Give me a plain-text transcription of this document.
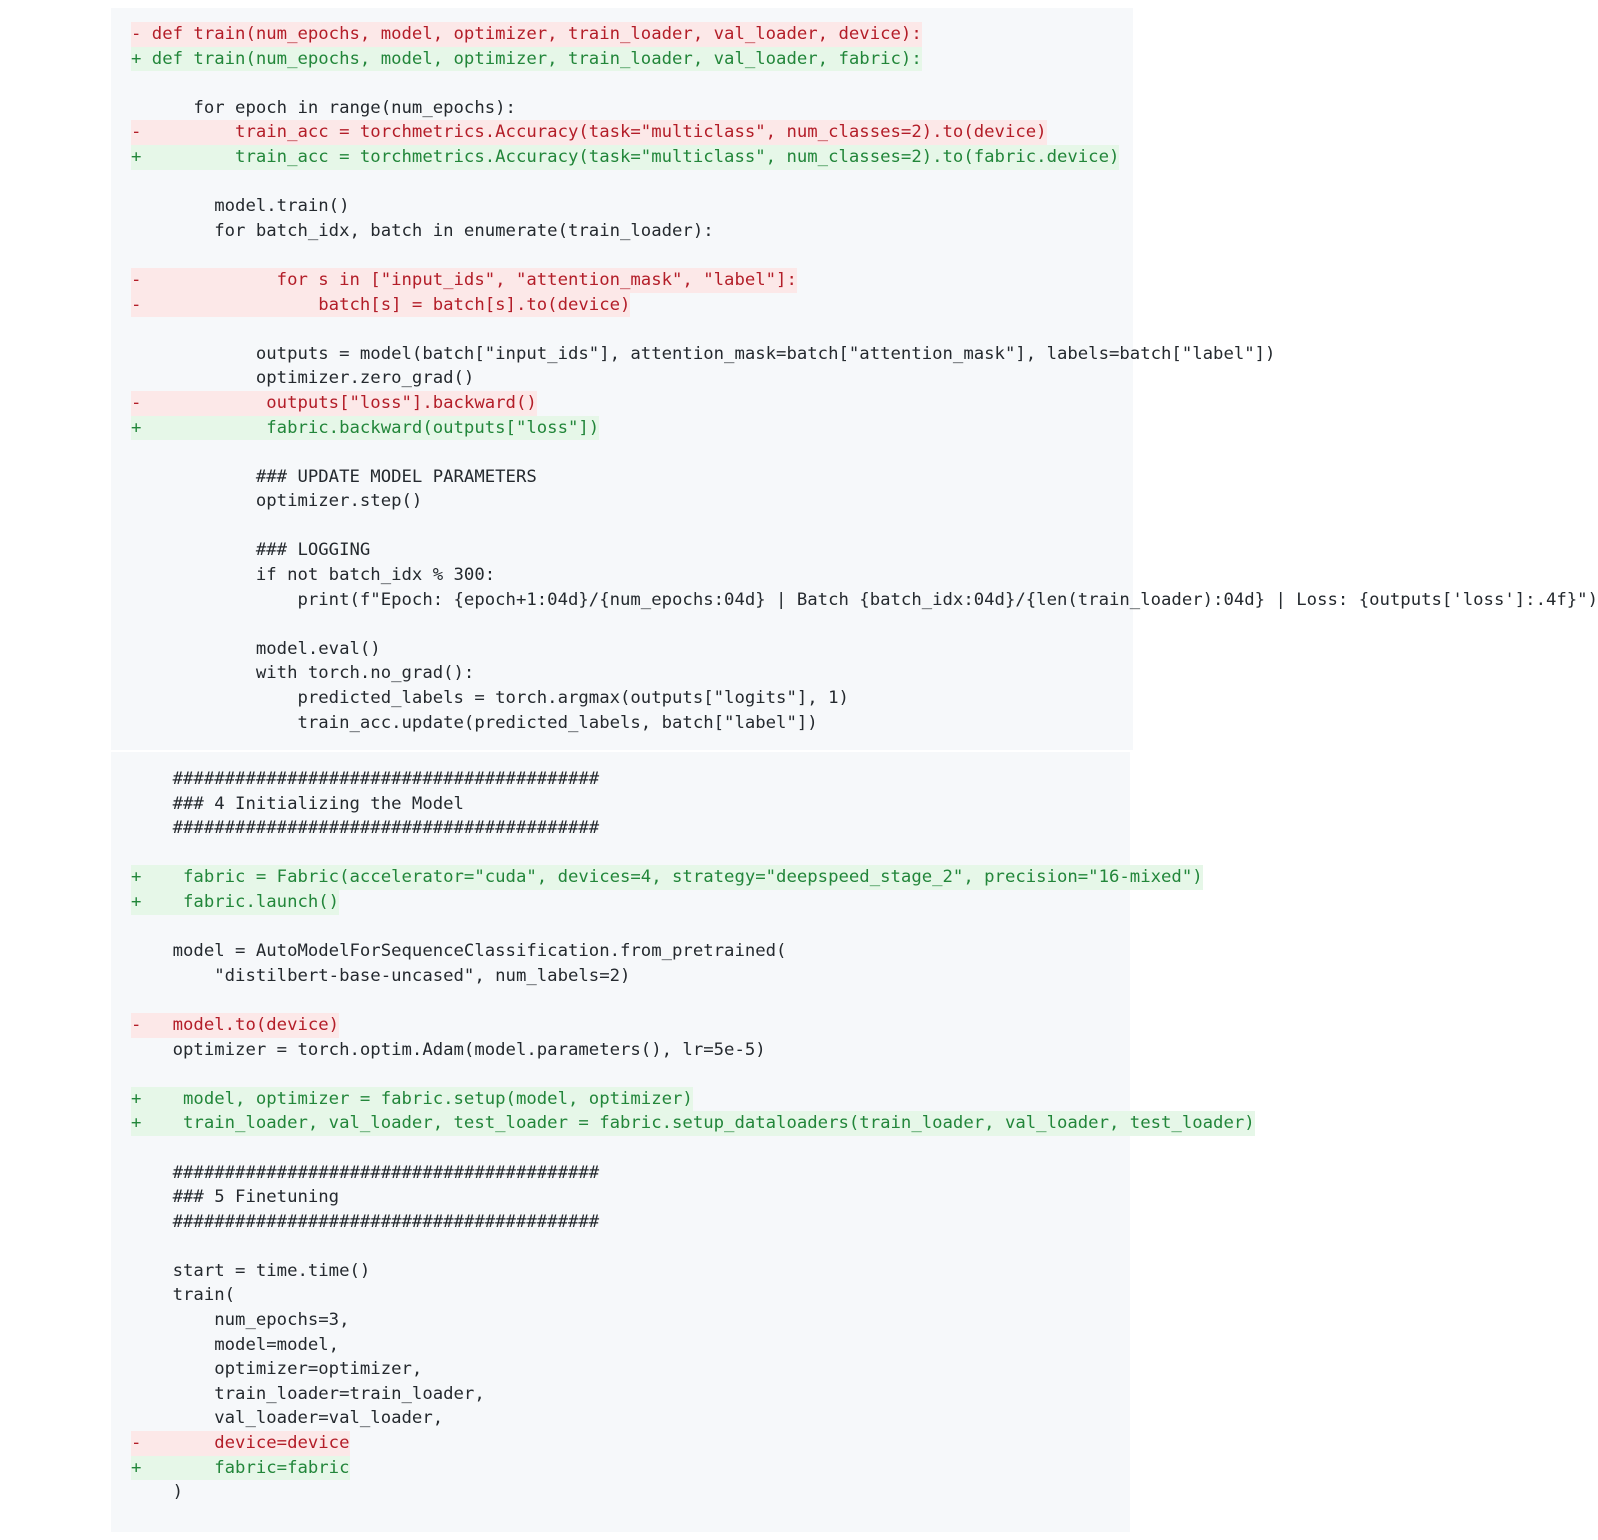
- def train(num_epochs, model, optimizer, train_loader, val_loader, device):
+ def train(num_epochs, model, optimizer, train_loader, val_loader, fabric):
for epoch in range(num_epochs):
-         train_acc = torchmetrics.Accuracy(task="multiclass", num_classes=2).to(device)
+         train_acc = torchmetrics.Accuracy(task="multiclass", num_classes=2).to(fabric.device)
model.train()
for batch_idx, batch in enumerate(train_loader):
-             for s in ["input_ids", "attention_mask", "label"]:
-                 batch[s] = batch[s].to(device)
outputs = model(batch["input_ids"], attention_mask=batch["attention_mask"], labels=batch["label"])
optimizer.zero_grad()
-            outputs["loss"].backward()
+            fabric.backward(outputs["loss"])
### UPDATE MODEL PARAMETERS
optimizer.step()
### LOGGING
if not batch_idx % 300:
print(f"Epoch: {epoch+1:04d}/{num_epochs:04d} | Batch {batch_idx:04d}/{len(train_loader):04d} | Loss: {outputs['loss']:.4f}")
model.eval()
with torch.no_grad():
predicted_labels = torch.argmax(outputs["logits"], 1)
train_acc.update(predicted_labels, batch["label"])
#########################################
### 4 Initializing the Model
#########################################
+    fabric = Fabric(accelerator="cuda", devices=4, strategy="deepspeed_stage_2", precision="16-mixed")
+    fabric.launch()
model = AutoModelForSequenceClassification.from_pretrained(
"distilbert-base-uncased", num_labels=2)
-   model.to(device)
optimizer = torch.optim.Adam(model.parameters(), lr=5e-5)
+    model, optimizer = fabric.setup(model, optimizer)
+    train_loader, val_loader, test_loader = fabric.setup_dataloaders(train_loader, val_loader, test_loader)
#########################################
### 5 Finetuning
#########################################
start = time.time()
train(
num_epochs=3,
model=model,
optimizer=optimizer,
train_loader=train_loader,
val_loader=val_loader,
-       device=device
+       fabric=fabric
)
